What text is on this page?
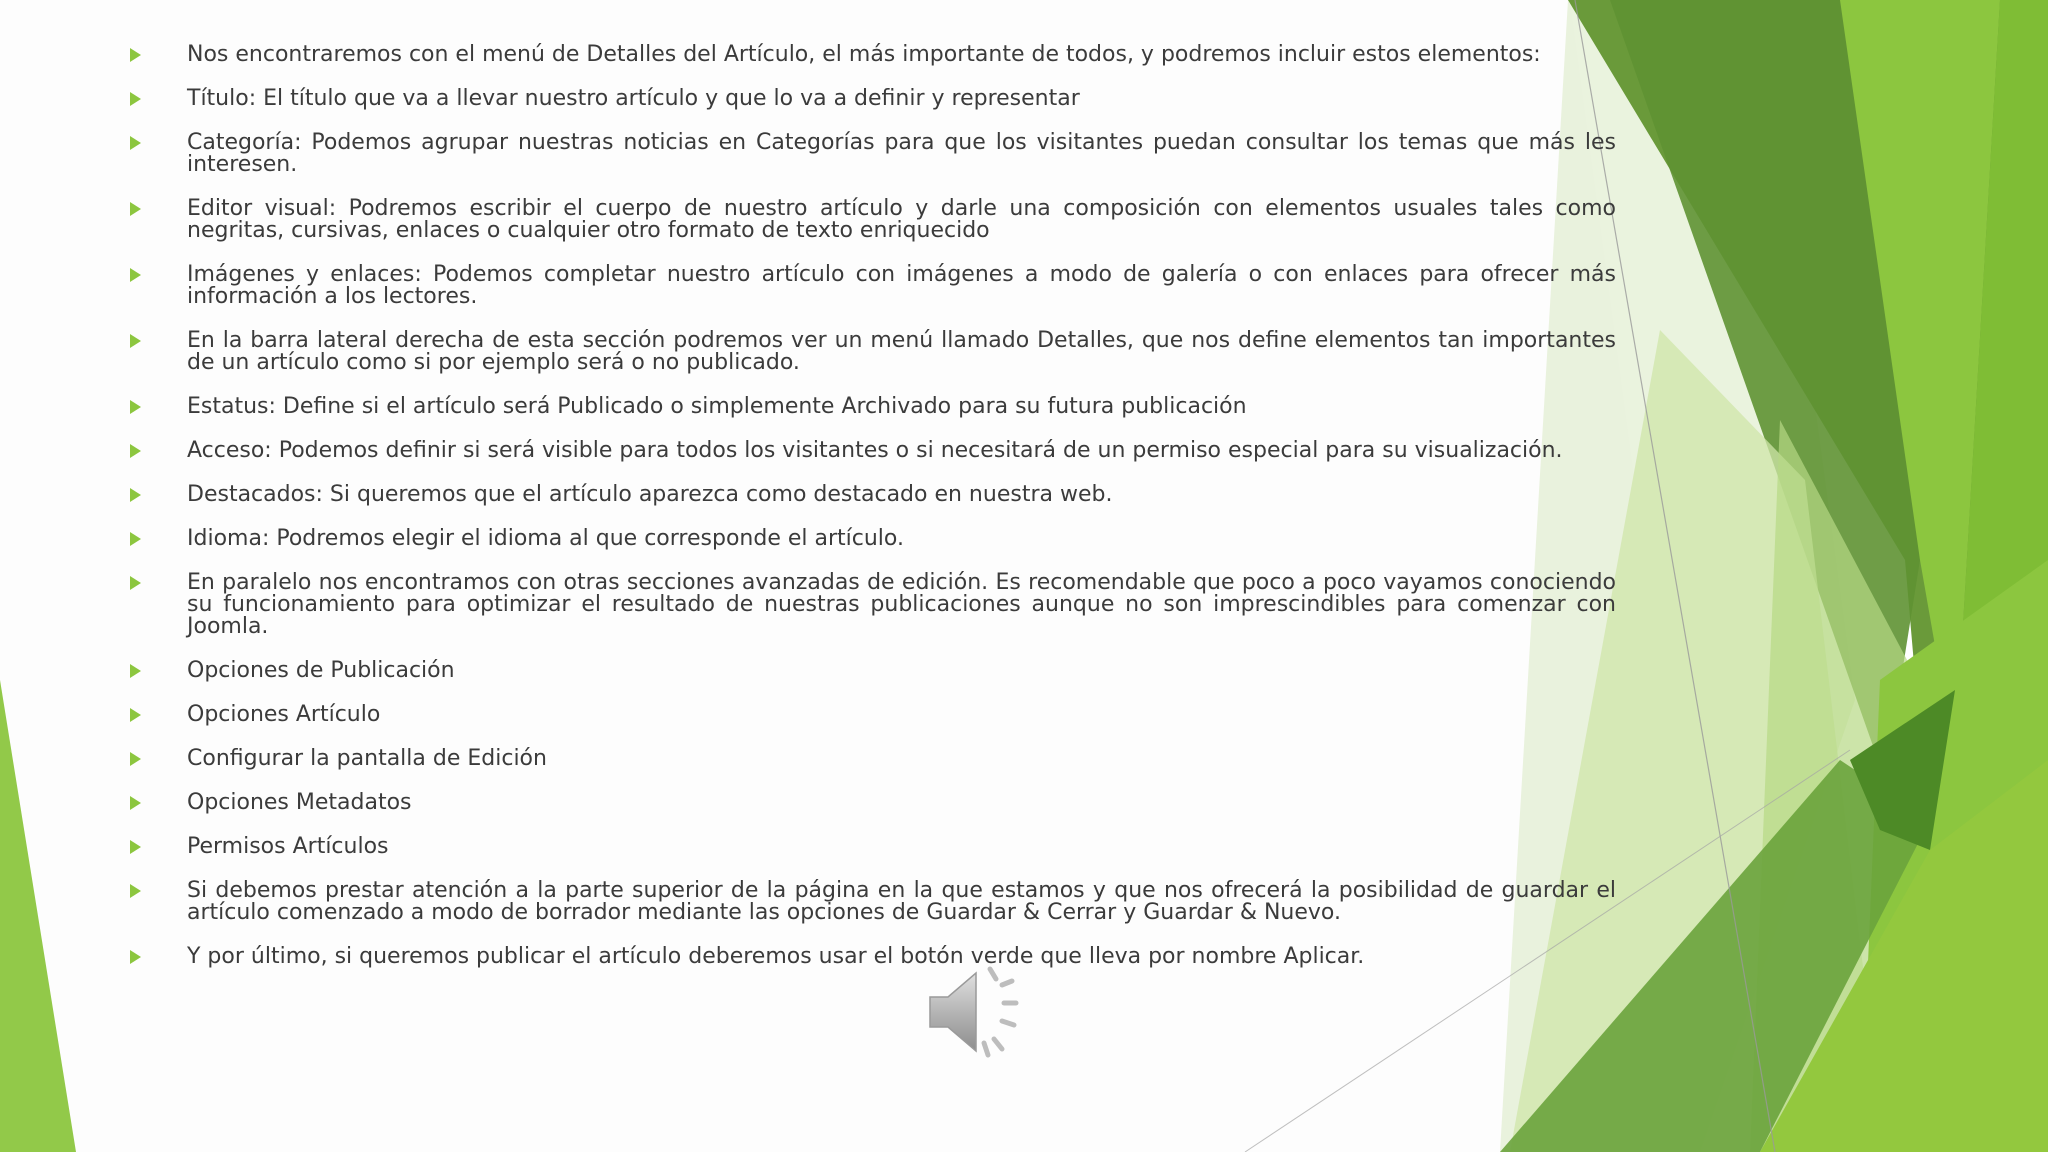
Nos encontraremos con el menú de Detalles del Artículo, el más importante de todos, y podremos incluir estos elementos:
Título: El título que va a llevar nuestro artículo y que lo va a definir y representar
Categoría: Podemos agrupar nuestras noticias en Categorías para que los visitantes puedan consultar los temas que más les interesen.
Editor visual: Podremos escribir el cuerpo de nuestro artículo y darle una composición con elementos usuales tales como negritas, cursivas, enlaces o cualquier otro formato de texto enriquecido
Imágenes y enlaces: Podemos completar nuestro artículo con imágenes a modo de galería o con enlaces para ofrecer más información a los lectores.
En la barra lateral derecha de esta sección podremos ver un menú llamado Detalles, que nos define elementos tan importantes de un artículo como si por ejemplo será o no publicado.
Estatus: Define si el artículo será Publicado o simplemente Archivado para su futura publicación
Acceso: Podemos definir si será visible para todos los visitantes o si necesitará de un permiso especial para su visualización.
Destacados: Si queremos que el artículo aparezca como destacado en nuestra web.
Idioma: Podremos elegir el idioma al que corresponde el artículo.
En paralelo nos encontramos con otras secciones avanzadas de edición. Es recomendable que poco a poco vayamos conociendo su funcionamiento para optimizar el resultado de nuestras publicaciones aunque no son imprescindibles para comenzar con Joomla.
Opciones de Publicación
Opciones Artículo
Configurar la pantalla de Edición
Opciones Metadatos
Permisos Artículos
Si debemos prestar atención a la parte superior de la página en la que estamos y que nos ofrecerá la posibilidad de guardar el artículo comenzado a modo de borrador mediante las opciones de Guardar & Cerrar y Guardar & Nuevo.
Y por último, si queremos publicar el artículo deberemos usar el botón verde que lleva por nombre Aplicar.
